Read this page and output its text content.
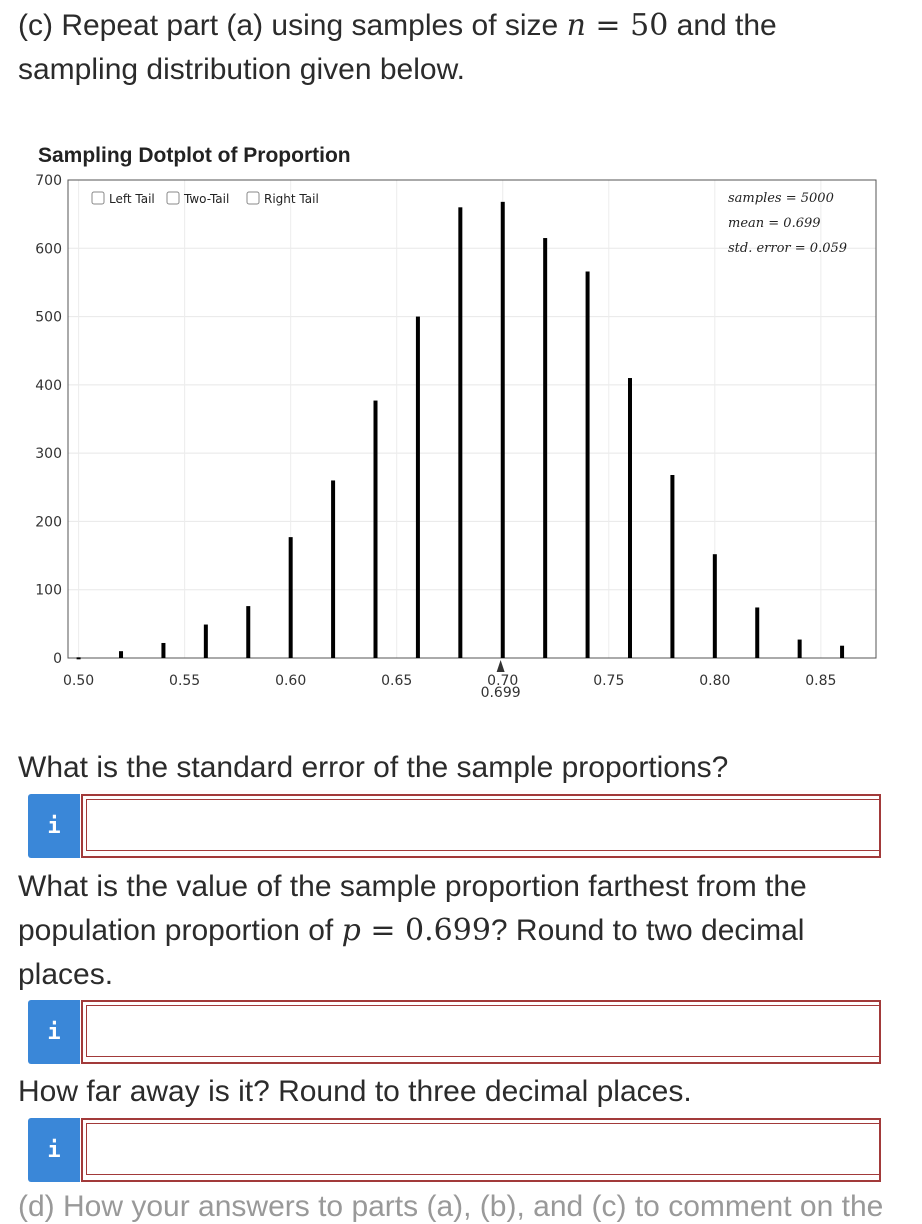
(c) Repeat part (a) using samples of size n = 50 and the sampling distribution given below.

Sampling Dotplot of Proportion
700
600
500
400
300
200
100
0
0.50	0.55	0.60	0.65	0.70	0.75	0.80	0.85
0.699
Left Tail Two-Tail	Right Tail	samples = 5000
mean = 0.699
std. error = 0.059

What is the standard error of the sample proportions?

i

What is the value of the sample proportion farthest from the population proportion of p = 0.699? Round to two decimal places.

i

How far away is it? Round to three decimal places.

i
(d) How your answers to parts (a), (b), and (c) to comment on the
